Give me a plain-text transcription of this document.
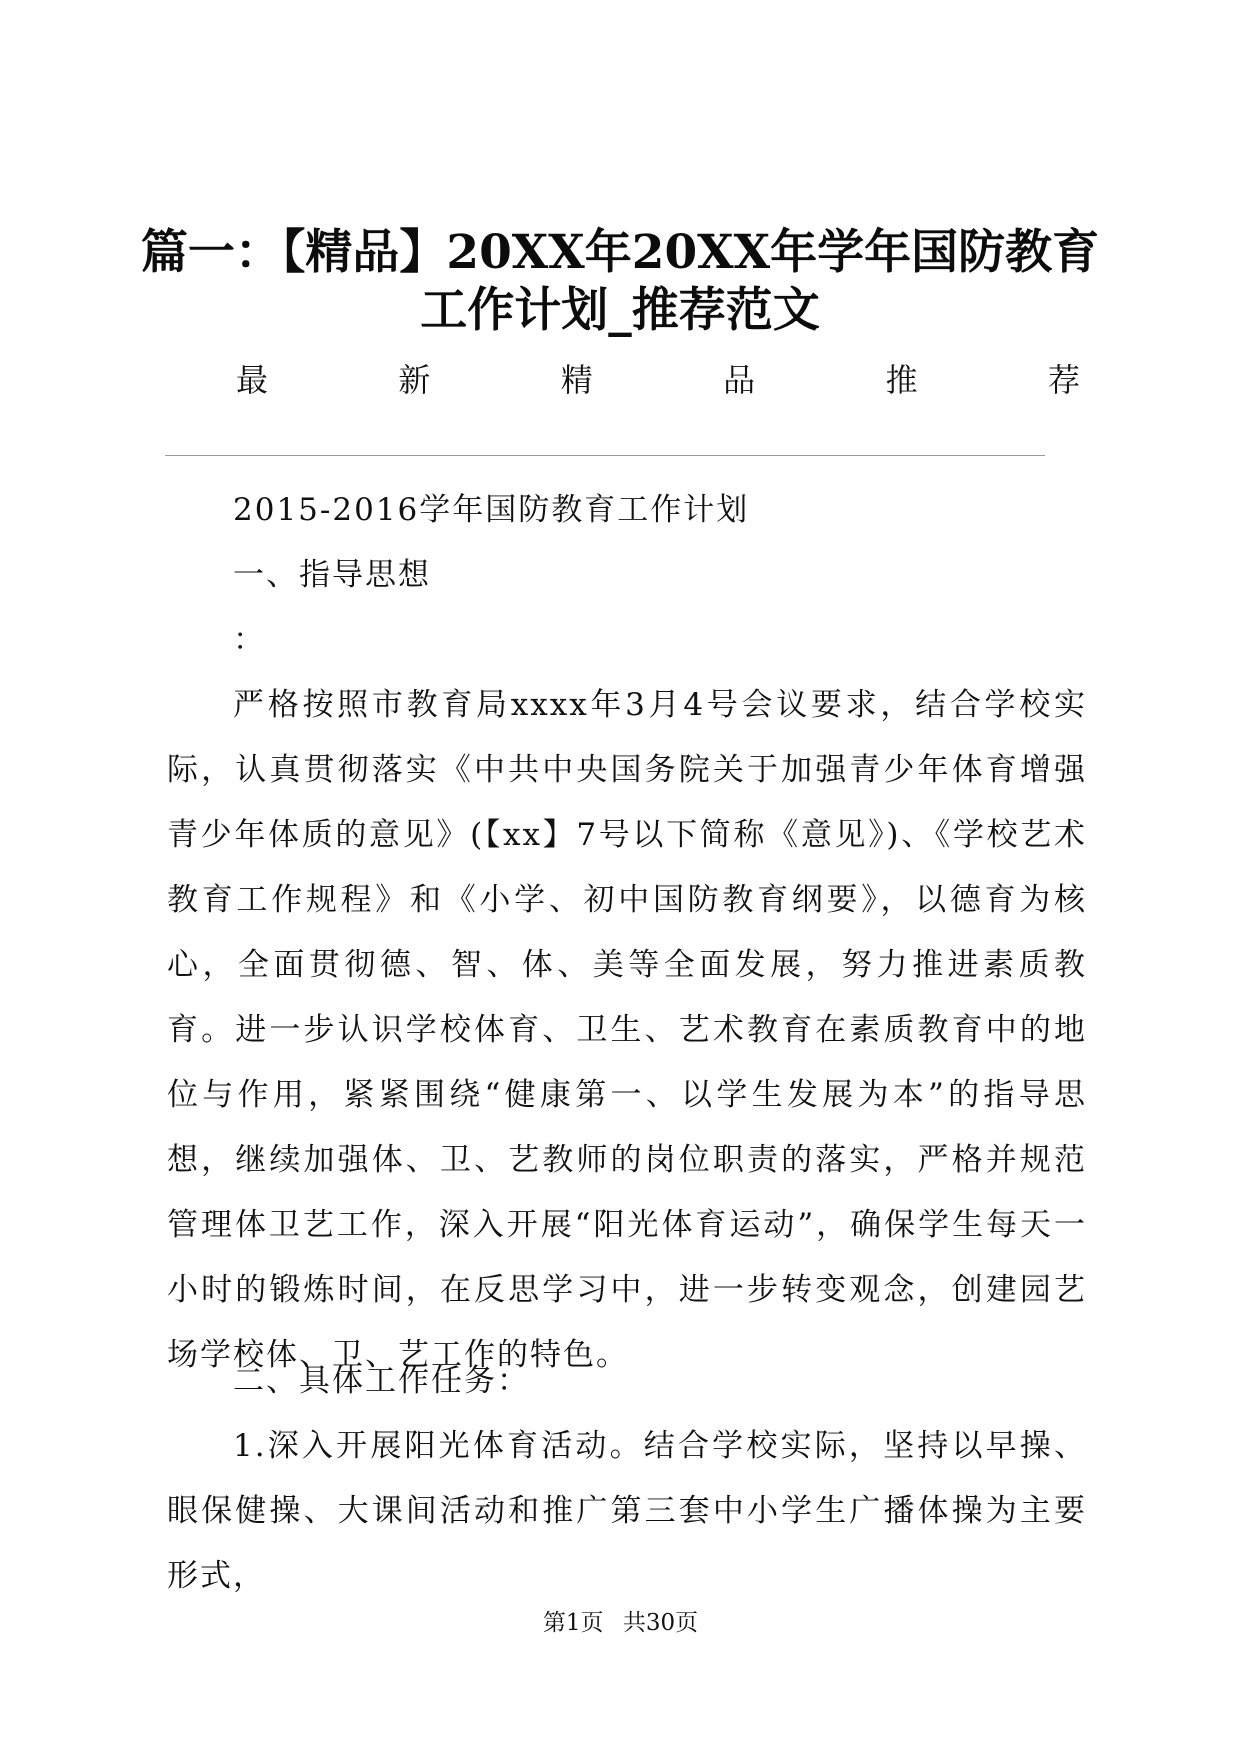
篇一：【精品】20XX年20XX年学年国防教育
工作计划_推荐范文
最	新	精	品	推	荐

2015-2016学年国防教育工作计划

一、指导思想

：

严格按照市教育局xxxx年3月4号会议要求，结合学校实际，认真贯彻落实《中共中央国务院关于加强青少年体育增强青少年体质的意见》(【xx】7号以下简称《意见》)、《学校艺术教育工作规程》和《小学、初中国防教育纲要》，以德育为核心，全面贯彻德、智、体、美等全面发展，努力推进素质教育。进一步认识学校体育、卫生、艺术教育在素质教育中的地位与作用，紧紧围绕“健康第一、以学生发展为本”的指导思想，继续加强体、卫、艺教师的岗位职责的落实，严格并规范管理体卫艺工作，深入开展“阳光体育运动”，确保学生每天一小时的锻炼时间，在反思学习中，进一步转变观念，创建园艺场学校体、卫、艺工作的特色。

二、具体工作任务：

1.深入开展阳光体育活动。结合学校实际，坚持以早操、眼保健操、大课间活动和推广第三套中小学生广播体操为主要形式，

第1页 共30页
